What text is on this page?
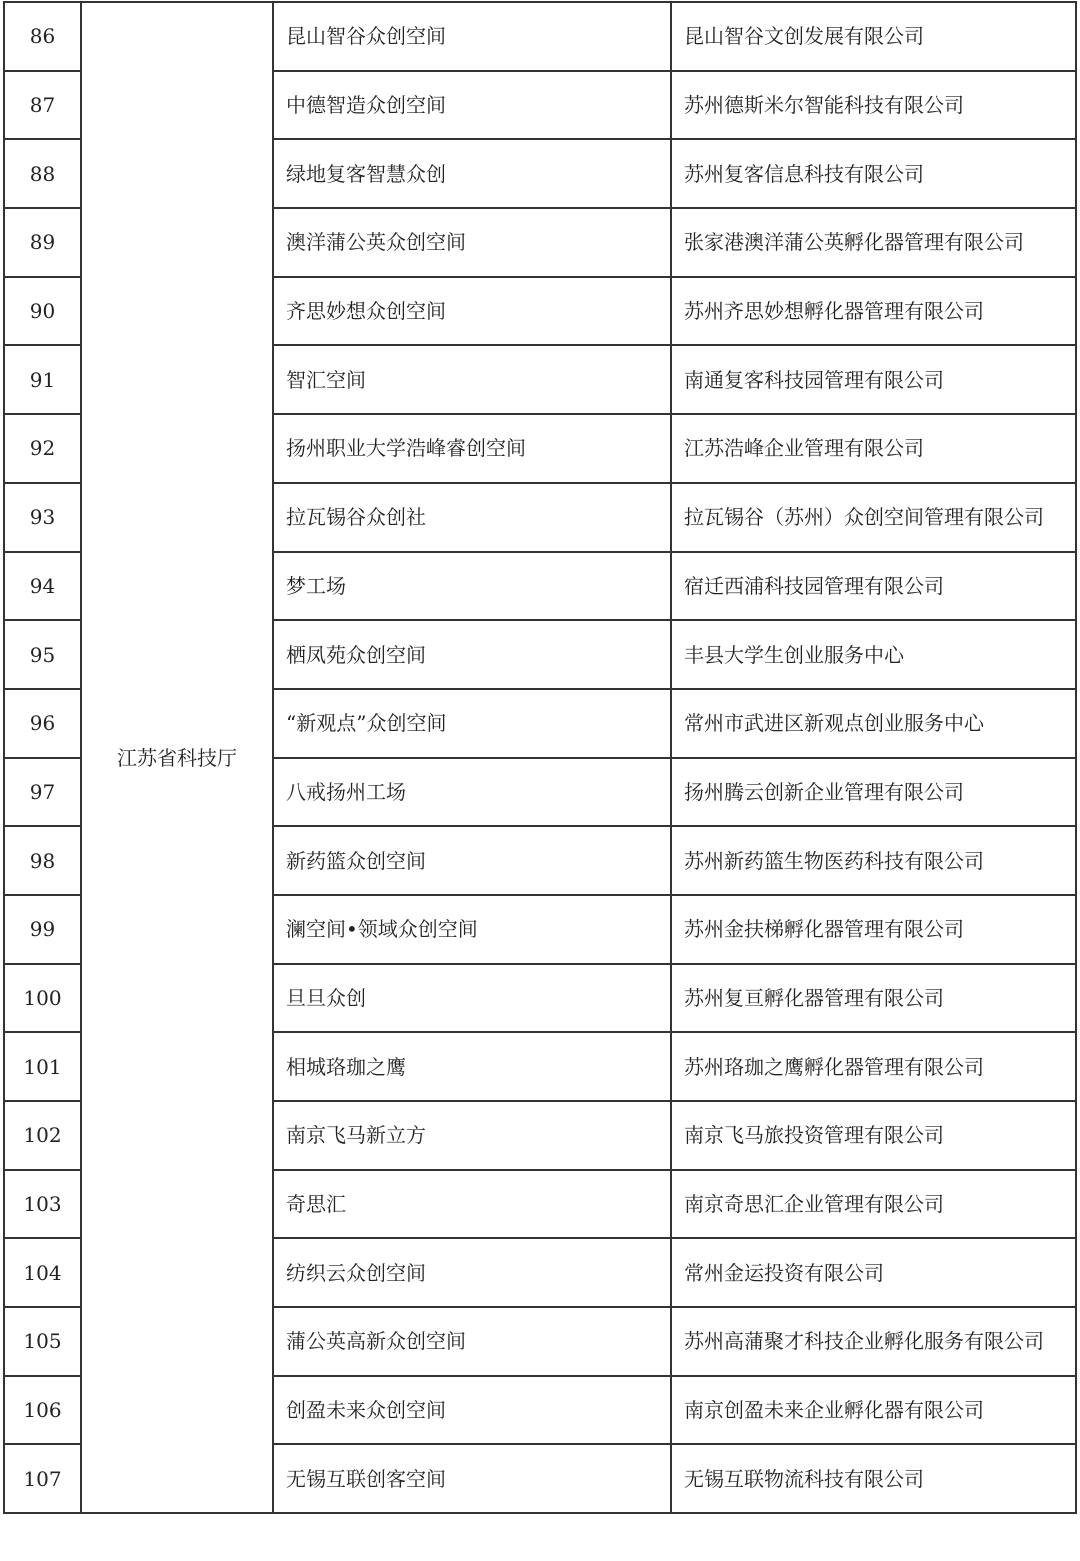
86	江苏省科技厅	昆山智谷众创空间	昆山智谷文创发展有限公司
87		中德智造众创空间	苏州德斯米尔智能科技有限公司
88		绿地复客智慧众创	苏州复客信息科技有限公司
89		澳洋蒲公英众创空间	张家港澳洋蒲公英孵化器管理有限公司
90		齐思妙想众创空间	苏州齐思妙想孵化器管理有限公司
91		智汇空间	南通复客科技园管理有限公司
92		扬州职业大学浩峰睿创空间	江苏浩峰企业管理有限公司
93		拉瓦锡谷众创社	拉瓦锡谷（苏州）众创空间管理有限公司
94		梦工场	宿迁西浦科技园管理有限公司
95		栖凤苑众创空间	丰县大学生创业服务中心
96		“新观点”众创空间	常州市武进区新观点创业服务中心
97		八戒扬州工场	扬州腾云创新企业管理有限公司
98		新药篮众创空间	苏州新药篮生物医药科技有限公司
99		澜空间•领域众创空间	苏州金扶梯孵化器管理有限公司
100		旦旦众创	苏州复亘孵化器管理有限公司
101		相城珞珈之鹰	苏州珞珈之鹰孵化器管理有限公司
102		南京飞马新立方	南京飞马旅投资管理有限公司
103		奇思汇	南京奇思汇企业管理有限公司
104		纺织云众创空间	常州金运投资有限公司
105		蒲公英高新众创空间	苏州高蒲聚才科技企业孵化服务有限公司
106		创盈未来众创空间	南京创盈未来企业孵化器有限公司
107		无锡互联创客空间	无锡互联物流科技有限公司
